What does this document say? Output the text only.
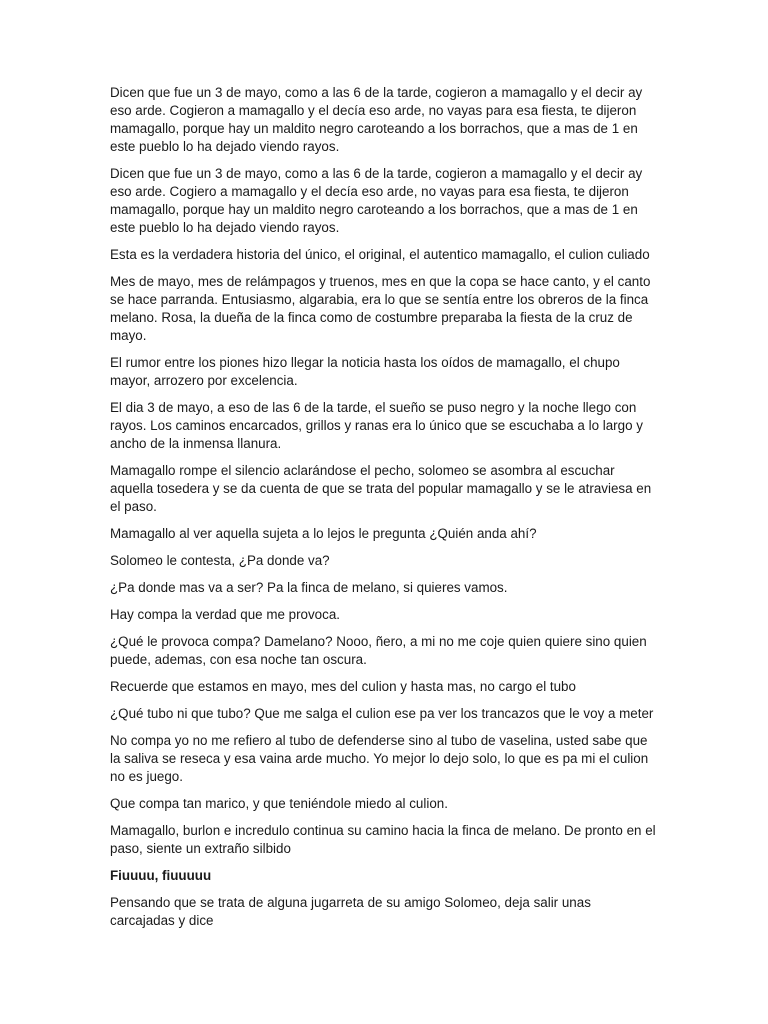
Dicen que fue un 3 de mayo, como a las 6 de la tarde, cogieron a mamagallo y el decir ay eso arde. Cogieron a mamagallo y el decía eso arde, no vayas para esa fiesta, te dijeron mamagallo, porque hay un maldito negro caroteando a los borrachos, que a mas de 1 en este pueblo lo ha dejado viendo rayos.

Dicen que fue un 3 de mayo, como a las 6 de la tarde, cogieron a mamagallo y el decir ay eso arde. Cogiero a mamagallo y el decía eso arde, no vayas para esa fiesta, te dijeron mamagallo, porque hay un maldito negro caroteando a los borrachos, que a mas de 1 en este pueblo lo ha dejado viendo rayos.

Esta es la verdadera historia del único, el original, el autentico mamagallo, el culion culiado

Mes de mayo, mes de relámpagos y truenos, mes en que la copa se hace canto, y el canto se hace parranda. Entusiasmo, algarabia, era lo que se sentía entre los obreros de la finca melano. Rosa, la dueña de la finca como de costumbre preparaba la fiesta de la cruz de mayo.

El rumor entre los piones hizo llegar la noticia hasta los oídos de mamagallo, el chupo mayor, arrozero por excelencia.

El dia 3 de mayo, a eso de las 6 de la tarde, el sueño se puso negro y la noche llego con rayos. Los caminos encarcados, grillos y ranas era lo único que se escuchaba a lo largo y ancho de la inmensa llanura.

Mamagallo rompe el silencio aclarándose el pecho, solomeo se asombra al escuchar aquella tosedera y se da cuenta de que se trata del popular mamagallo y se le atraviesa en el paso.

Mamagallo al ver aquella sujeta a lo lejos le pregunta ¿Quién anda ahí?

Solomeo le contesta, ¿Pa donde va?

¿Pa donde mas va a ser? Pa la finca de melano, si quieres vamos.

Hay compa la verdad que me provoca.

¿Qué le provoca compa? Damelano? Nooo, ñero, a mi no me coje quien quiere sino quien puede, ademas, con esa noche tan oscura.

Recuerde que estamos en mayo, mes del culion y hasta mas, no cargo el tubo

¿Qué tubo ni que tubo? Que me salga el culion ese pa ver los trancazos que le voy a meter

No compa yo no me refiero al tubo de defenderse sino al tubo de vaselina, usted sabe que la saliva se reseca y esa vaina arde mucho. Yo mejor lo dejo solo, lo que es pa mi el culion no es juego.

Que compa tan marico, y que teniéndole miedo al culion.

Mamagallo, burlon e incredulo continua su camino hacia la finca de melano. De pronto en el paso, siente un extraño silbido

Fiuuuu, fiuuuuu

Pensando que se trata de alguna jugarreta de su amigo Solomeo, deja salir unas carcajadas y dice
